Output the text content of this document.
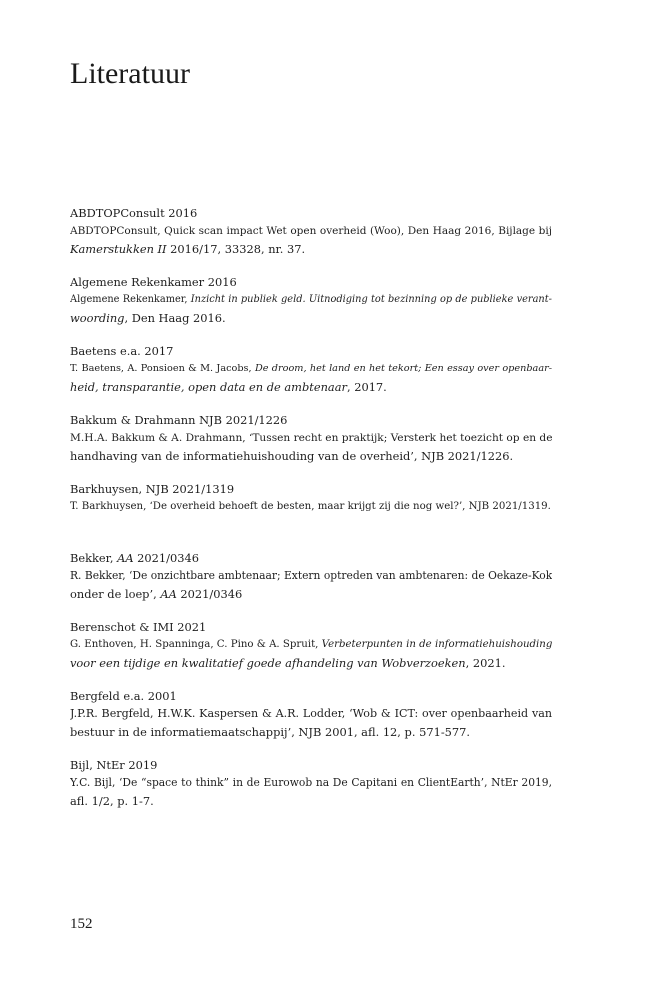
Literatuur
ABDTOPConsult 2016
ABDTOPConsult, Quick scan impact Wet open overheid (Woo), Den Haag 2016, Bijlage bij
Kamerstukken II 2016/17, 33328, nr. 37.
Algemene Rekenkamer 2016
Algemene Rekenkamer, Inzicht in publiek geld. Uitnodiging tot bezinning op de publieke verant-
woording, Den Haag 2016.
Baetens e.a. 2017
T. Baetens, A. Ponsioen & M. Jacobs, De droom, het land en het tekort; Een essay over openbaar-
heid, transparantie, open data en de ambtenaar, 2017.
Bakkum & Drahmann NJB 2021/1226
M.H.A. Bakkum & A. Drahmann, ‘Tussen recht en praktijk; Versterk het toezicht op en de
handhaving van de informatiehuishouding van de overheid’, NJB 2021/1226.
Barkhuysen, NJB 2021/1319
T. Barkhuysen, ‘De overheid behoeft de besten, maar krijgt zij die nog wel?’, NJB 2021/1319.
Bekker, AA 2021/0346
R. Bekker, ‘De onzichtbare ambtenaar; Extern optreden van ambtenaren: de Oekaze-Kok
onder de loep’, AA 2021/0346
Berenschot & IMI 2021
G. Enthoven, H. Spanninga, C. Pino & A. Spruit, Verbeterpunten in de informatiehuishouding
voor een tijdige en kwalitatief goede afhandeling van Wobverzoeken, 2021.
Bergfeld e.a. 2001
J.P.R. Bergfeld, H.W.K. Kaspersen & A.R. Lodder, ‘Wob & ICT: over openbaarheid van
bestuur in de informatiemaatschappij’, NJB 2001, afl. 12, p. 571-577.
Bijl, NtEr 2019
Y.C. Bijl, ‘De “space to think” in de Eurowob na De Capitani en ClientEarth’, NtEr 2019,
afl. 1/2, p. 1-7.
152
